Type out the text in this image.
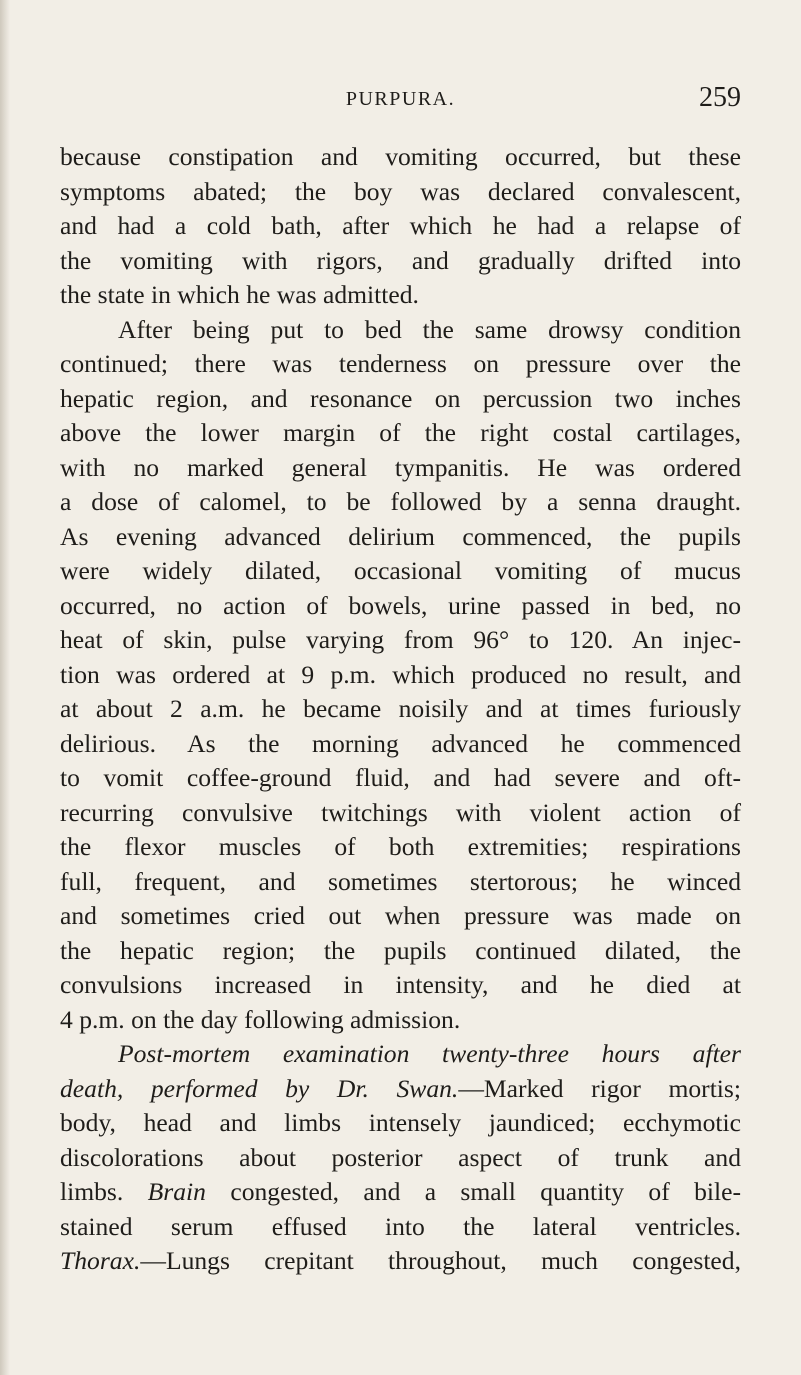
PURPURA.	259
because constipation and vomiting occurred, but these
symptoms abated; the boy was declared convalescent,
and had a cold bath, after which he had a relapse of
the vomiting with rigors, and gradually drifted into
the state in which he was admitted.
After being put to bed the same drowsy condition
continued; there was tenderness on pressure over the
hepatic region, and resonance on percussion two inches
above the lower margin of the right costal cartilages,
with no marked general tympanitis. He was ordered
a dose of calomel, to be followed by a senna draught.
As evening advanced delirium commenced, the pupils
were widely dilated, occasional vomiting of mucus
occurred, no action of bowels, urine passed in bed, no
heat of skin, pulse varying from 96° to 120. An injec-
tion was ordered at 9 p.m. which produced no result, and
at about 2 a.m. he became noisily and at times furiously
delirious. As the morning advanced he commenced
to vomit coffee-ground fluid, and had severe and oft-
recurring convulsive twitchings with violent action of
the flexor muscles of both extremities; respirations
full, frequent, and sometimes stertorous; he winced
and sometimes cried out when pressure was made on
the hepatic region; the pupils continued dilated, the
convulsions increased in intensity, and he died at
4 p.m. on the day following admission.
Post-mortem examination twenty-three hours after
death, performed by Dr. Swan.—Marked rigor mortis;
body, head and limbs intensely jaundiced; ecchymotic
discolorations about posterior aspect of trunk and
limbs. Brain congested, and a small quantity of bile-
stained serum effused into the lateral ventricles.
Thorax.—Lungs crepitant throughout, much congested,
